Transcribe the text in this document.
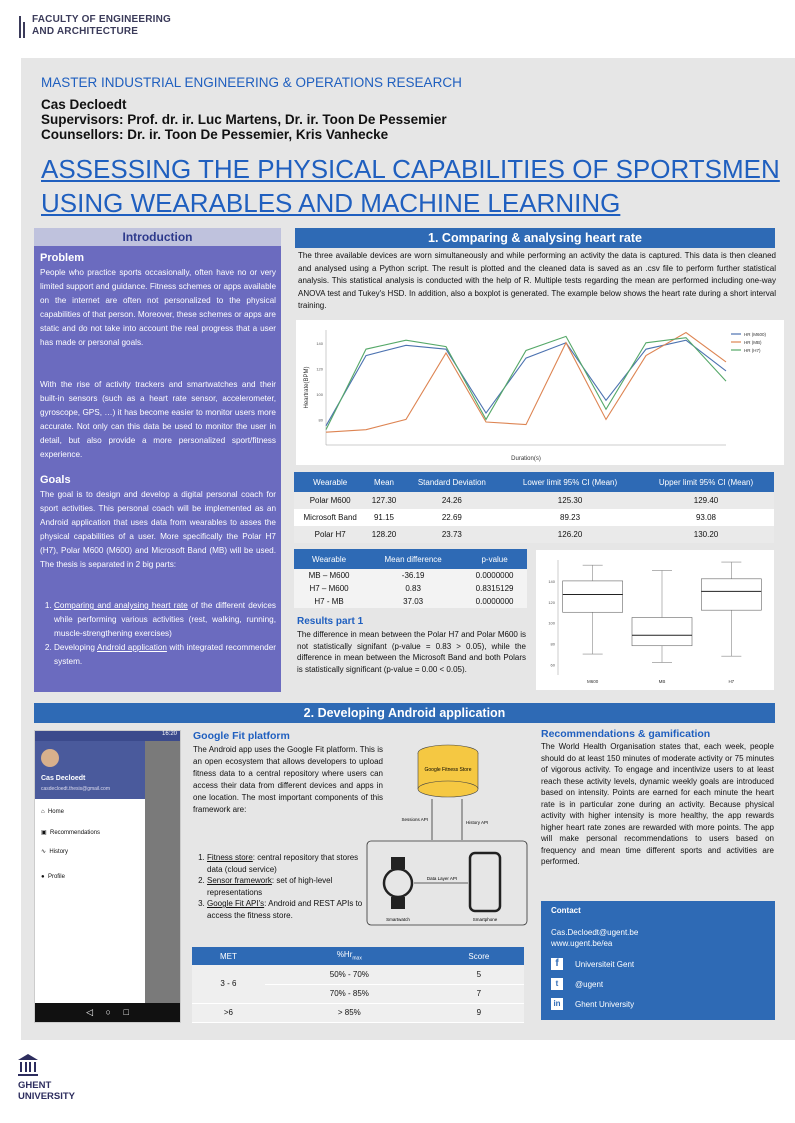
FACULTY OF ENGINEERING
AND ARCHITECTURE
MASTER INDUSTRIAL ENGINEERING & OPERATIONS RESEARCH
Cas Decloedt
Supervisors: Prof. dr. ir. Luc Martens, Dr. ir. Toon De Pessemier
Counsellors: Dr. ir. Toon De Pessemier, Kris Vanhecke
ASSESSING THE PHYSICAL CAPABILITIES OF SPORTSMEN
USING WEARABLES AND MACHINE LEARNING
Introduction
Problem
People who practice sports occasionally, often have no or very limited support and guidance. Fitness schemes or apps available on the internet are often not personalized to the physical capabilities of that person. Moreover, these schemes or apps are static and do not take into account the real progress that a user has made or personal goals.
With the rise of activity trackers and smartwatches and their built-in sensors (such as a heart rate sensor, accelerometer, gyroscope, GPS, …) it has become easier to monitor users more accurate. Not only can this data be used to monitor the user in detail, but also provide a more personalized sport/fitness experience.
Goals
The goal is to design and develop a digital personal coach for sport activities. This personal coach will be implemented as an Android application that uses data from wearables to asses the physical capabilities of a user. More specifically the Polar H7 (H7), Polar M600 (M600) and Microsoft Band (MB) will be used. The thesis is separated in 2 big parts:
1. Comparing and analysing heart rate of the different devices while performing various activities (rest, walking, running, muscle-strengthening exercises)
2. Developing Android application with integrated recommender system.
1. Comparing & analysing heart rate
The three available devices are worn simultaneously and while performing an activity the data is captured. This data is then cleaned and analysed using a Python script. The result is plotted and the cleaned data is saved as an .csv file to perform further statistical analysis. This statistical analysis is conducted with the help of R. Multiple tests regarding the mean are performed including one-way ANOVA test and Tukey's HSD. In addition, also a boxplot is generated. The example below shows the heart rate during a short interval training.
80
100
120
140
HR (M600)
HR (MB)
HR (H7)
Duration(s)
Heartrate(BPM)
Wearable	Mean	Standard Deviation	Lower limit 95% CI (Mean)	Upper limit 95% CI (Mean)
Polar M600	127.30	24.26	125.30	129.40
Microsoft Band	91.15	22.69	89.23	93.08
Polar H7	128.20	23.73	126.20	130.20
Wearable	Mean difference	p-value
MB – M600	-36.19	0.0000000
H7 – M600	0.83	0.8315129
H7 - MB	37.03	0.0000000
Results part 1
The difference in mean between the Polar H7 and Polar M600 is not statistically signifant (p-value = 0.83 > 0.05), while the difference in mean between the Microsoft Band and both Polars is statistically significant (p-value = 0.00 < 0.05).	60
80
100
120
140
M600	MB	H7
2. Developing Android application
16:20
Cas Decloedt
casdecloedt.thesis@gmail.com
⌂ Home
▣ Recommendations
∿ History
● Profile
◁ ○ □
Google Fit platform
The Android app uses the Google Fit platform. This is an open ecosystem that allows developers to upload fitness data to a central repository where users can access their data from different devices and apps in one location. The most important components of this framework are:
1. Fitness store: central repository that stores data (cloud service)
2. Sensor framework: set of high-level representations
3. Google Fit API's: Android and REST APIs to access the fitness store.
Google Fitness Store
Sessions API
History API
Data Layer API
Smartwatch	Smartphone
MET	$\%Hr_{max}$	Score
3 - 6	50% - 70%	5
	70% - 85%	7
>6	> 85%	9
Recommendations & gamification
The World Health Organisation states that, each week, people should do at least 150 minutes of moderate activity or 75 minutes of vigorous activity. To engage and incentivize users to at least reach these activity levels, dynamic weekly goals are introduced based on intensity. Points are earned for each minute the heart rate is in particular zone during an activity. Because physical activity with higher intensity is more healthy, the app rewards higher heart rate zones are rewarded with more points. The app will make personal recommendations to users based on frequency and mean time different sports and activities are performed.
Contact
Cas.Decloedt@ugent.be
www.ugent.be/ea
f	Universiteit Gent
t	@ugent
in	Ghent University
GHENT
UNIVERSITY
